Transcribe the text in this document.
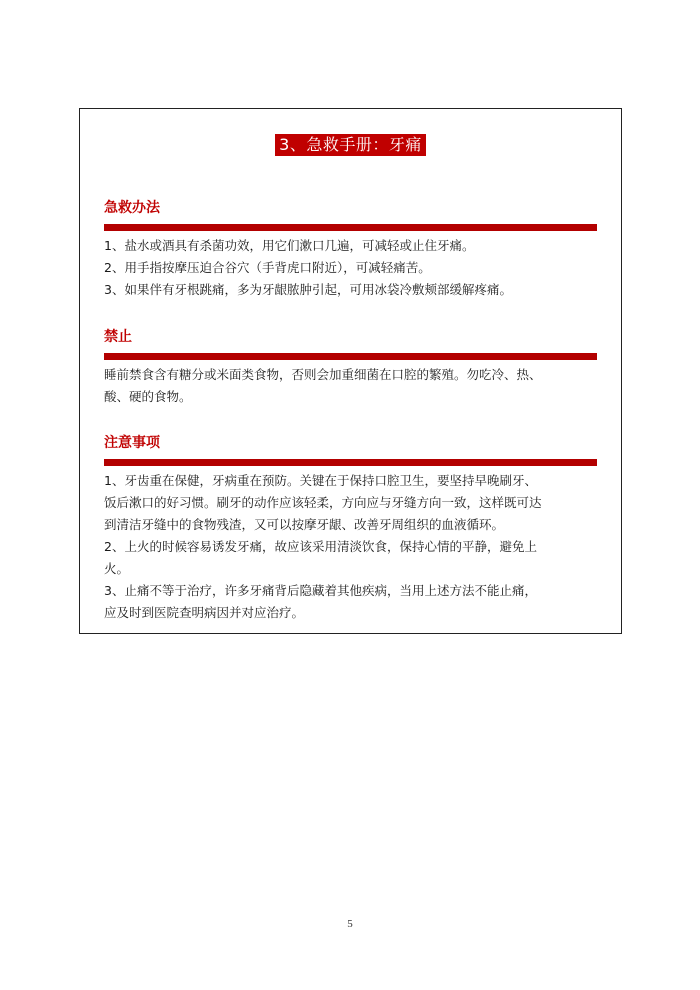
3、急救手册：牙痛
急救办法
1、盐水或酒具有杀菌功效，用它们漱口几遍，可减轻或止住牙痛。
2、用手指按摩压迫合谷穴（手背虎口附近），可减轻痛苦。
3、如果伴有牙根跳痛，多为牙龈脓肿引起，可用冰袋冷敷颊部缓解疼痛。
禁止
睡前禁食含有糖分或米面类食物，否则会加重细菌在口腔的繁殖。勿吃冷、热、
酸、硬的食物。
注意事项
1、牙齿重在保健，牙病重在预防。关键在于保持口腔卫生，要坚持早晚刷牙、
饭后漱口的好习惯。刷牙的动作应该轻柔，方向应与牙缝方向一致，这样既可达
到清洁牙缝中的食物残渣，又可以按摩牙龈、改善牙周组织的血液循环。
2、上火的时候容易诱发牙痛，故应该采用清淡饮食，保持心情的平静，避免上
火。
3、止痛不等于治疗，许多牙痛背后隐藏着其他疾病，当用上述方法不能止痛，
应及时到医院查明病因并对应治疗。
5
